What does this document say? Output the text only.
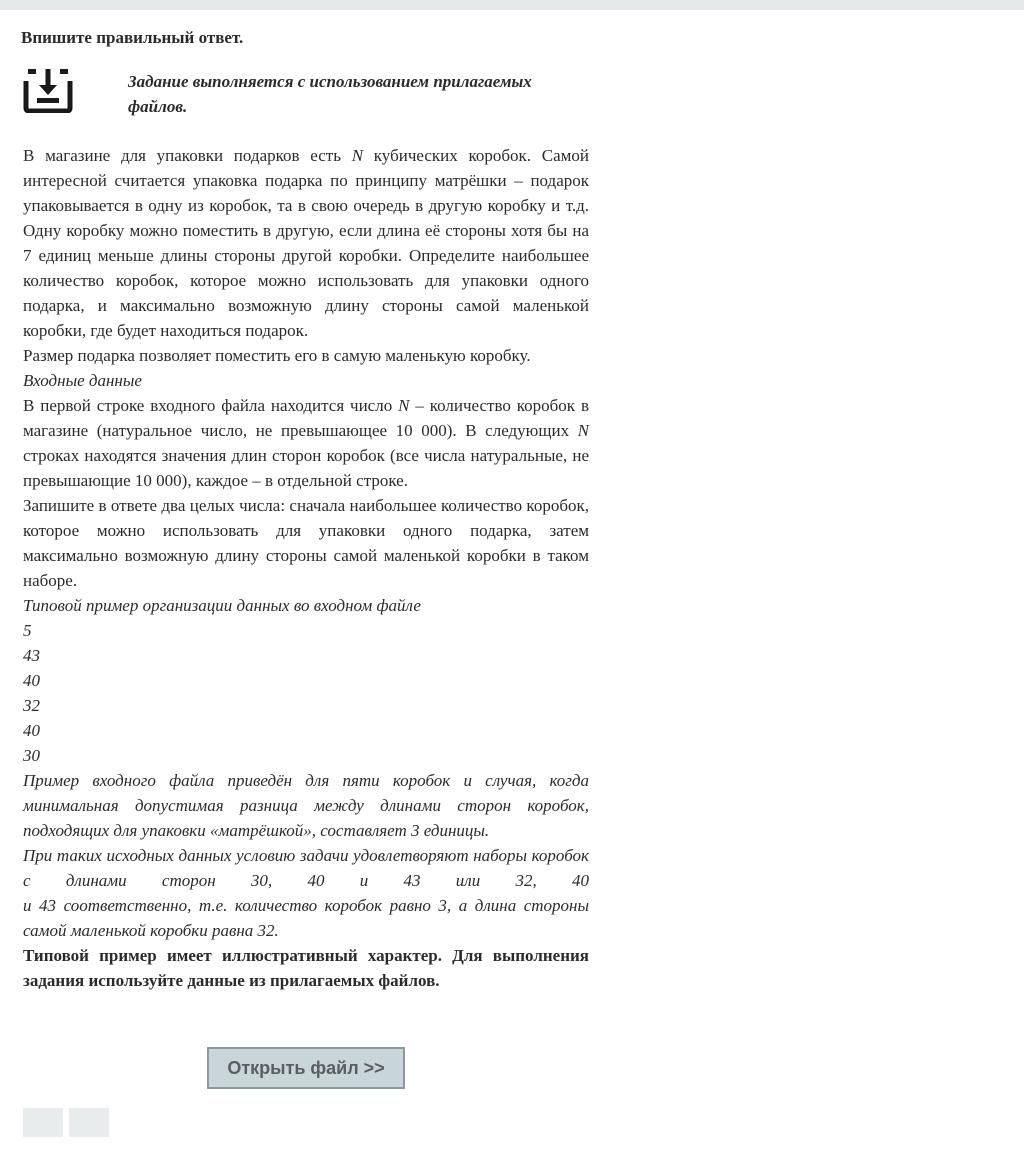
Впишите правильный ответ.
Задание выполняется с использованием прилагаемых файлов.

В магазине для упаковки подарков есть N кубических коробок. Самой интересной считается упаковка подарка по принципу матрёшки – подарок упаковывается в одну из коробок, та в свою очередь в другую коробку и т.д. Одну коробку можно поместить в другую, если длина её стороны хотя бы на 7 единиц меньше длины стороны другой коробки. Определите наибольшее количество коробок, которое можно использовать для упаковки одного подарка, и максимально возможную длину стороны самой маленькой коробки, где будет находиться подарок.

Размер подарка позволяет поместить его в самую маленькую коробку.

Входные данные

В первой строке входного файла находится число N – количество коробок в магазине (натуральное число, не превышающее 10 000). В следующих N строках находятся значения длин сторон коробок (все числа натуральные, не превышающие 10 000), каждое – в отдельной строке.

Запишите в ответе два целых числа: сначала наибольшее количество коробок, которое можно использовать для упаковки одного подарка, затем максимально возможную длину стороны самой маленькой коробки в таком наборе.

Типовой пример организации данных во входном файле

5

43

40

32

40

30

Пример входного файла приведён для пяти коробок и случая, когда минимальная допустимая разница между длинами сторон коробок, подходящих для упаковки «матрёшкой», составляет 3 единицы.

При таких исходных данных условию задачи удовлетворяют наборы коробок с длинами сторон 30, 40 и 43 или 32, 40

и 43 соответственно, т.е. количество коробок равно 3, а длина стороны самой маленькой коробки равна 32.

Типовой пример имеет иллюстративный характер. Для выполнения задания используйте данные из прилагаемых файлов.

Открыть файл >>
